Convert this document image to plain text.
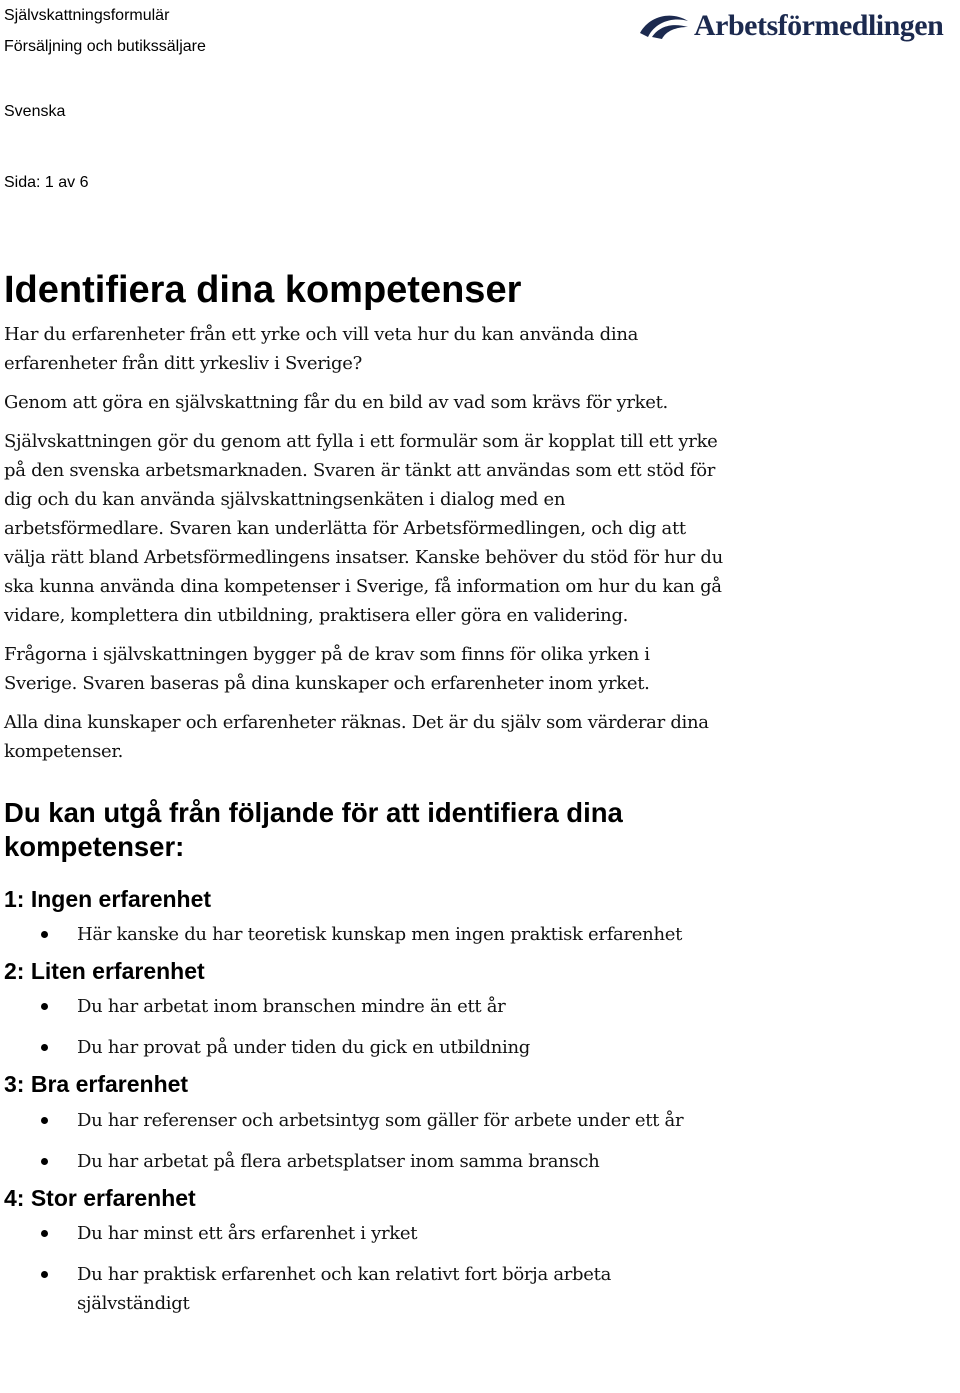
Självskattningsformulär
Försäljning och butikssäljare
Svenska
Sida: 1 av 6
Arbetsförmedlingen
Identifiera dina kompetenser

Har du erfarenheter från ett yrke och vill veta hur du kan använda dina erfarenheter från ditt yrkesliv i Sverige?

Genom att göra en självskattning får du en bild av vad som krävs för yrket.

Självskattningen gör du genom att fylla i ett formulär som är kopplat till ett yrke på den svenska arbetsmarknaden. Svaren är tänkt att användas som ett stöd för dig och du kan använda självskattningsenkäten i dialog med en arbetsförmedlare. Svaren kan underlätta för Arbetsförmedlingen, och dig att välja rätt bland Arbetsförmedlingens insatser. Kanske behöver du stöd för hur du ska kunna använda dina kompetenser i Sverige, få information om hur du kan gå vidare, komplettera din utbildning, praktisera eller göra en validering.

Frågorna i självskattningen bygger på de krav som finns för olika yrken i Sverige. Svaren baseras på dina kunskaper och erfarenheter inom yrket.

Alla dina kunskaper och erfarenheter räknas. Det är du själv som värderar dina kompetenser.

Du kan utgå från följande för att identifiera dina kompetenser:
1: Ingen erfarenhet
Här kanske du har teoretisk kunskap men ingen praktisk erfarenhet
2: Liten erfarenhet
Du har arbetat inom branschen mindre än ett år
Du har provat på under tiden du gick en utbildning
3: Bra erfarenhet
Du har referenser och arbetsintyg som gäller för arbete under ett år
Du har arbetat på flera arbetsplatser inom samma bransch
4: Stor erfarenhet
Du har minst ett års erfarenhet i yrket
Du har praktisk erfarenhet och kan relativt fort börja arbeta självständigt
